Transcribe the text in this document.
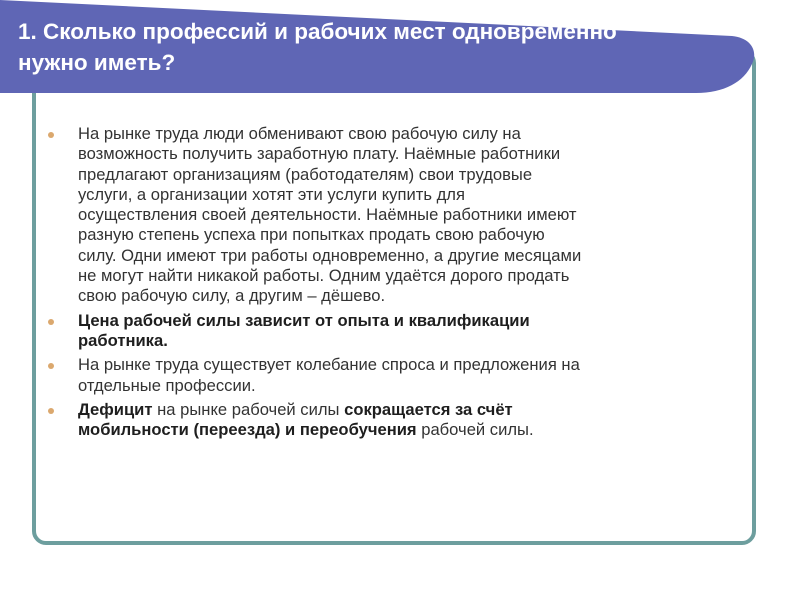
1. Сколько профессий и рабочих мест одновременно
нужно иметь?
На рынке труда люди обменивают свою рабочую силу на
возможность получить заработную плату. Наёмные работники
предлагают организациям (работодателям) свои трудовые
услуги, а организации хотят эти услуги купить для
осуществления своей деятельности. Наёмные работники имеют
разную степень успеха при попытках продать свою рабочую
силу. Одни имеют три работы одновременно, а другие месяцами
не могут найти никакой работы. Одним удаётся дорого продать
свою рабочую силу, а другим – дёшево.
Цена рабочей силы зависит от опыта и квалификации
работника.
На рынке труда существует колебание спроса и предложения на
отдельные профессии.
Дефицит на рынке рабочей силы сокращается за счёт
мобильности (переезда) и переобучения рабочей силы.
